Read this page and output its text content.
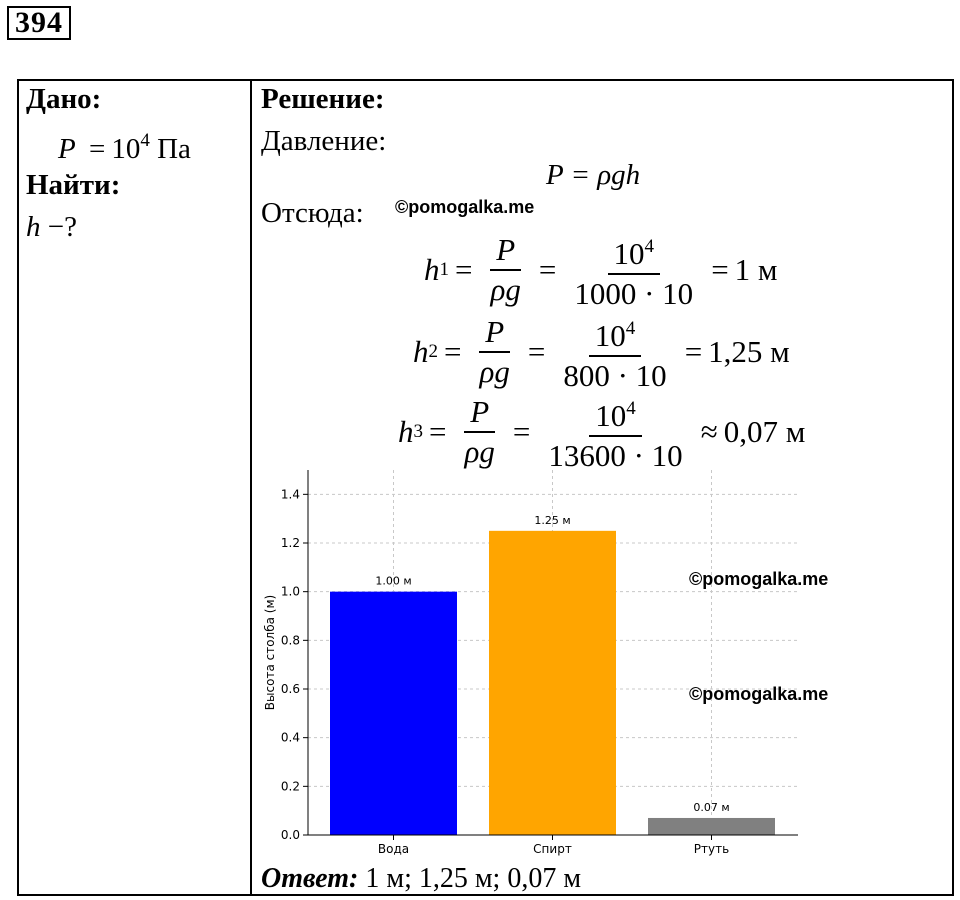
394
Дано:
$P = 10^4$ Па
Найти:
h −?
Решение:
Давление:
P = ρgh
Отсюда: ©pomogalka.me
h $1 = \frac{P}{\rho g} = \frac{10^4}{1000 \cdot 10} = 1$ м
h $2 = \frac{P}{\rho g} = \frac{10^4}{800 \cdot 10} = 1,25$ м
h $3 = \frac{P}{\rho g} = \frac{10^4}{13600 \cdot 10} \approx 0,07$ м
0.0
0.2
0.4
0.6
0.8
1.0
1.2
1.4
1.00 м
Вода
1.25 м
Спирт
0.07 м
Ртуть
Высота столба (м)
©pomogalka.me
©pomogalka.me
Ответ: 1 м; 1,25 м; 0,07 м
